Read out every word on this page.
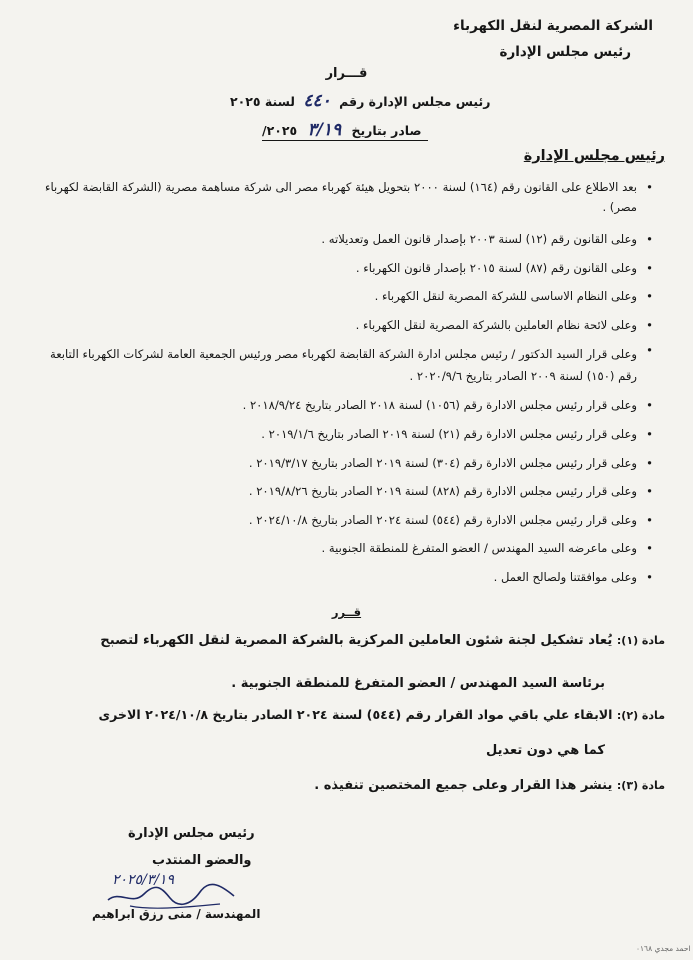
الشركة المصرية لنقل الكهرباء
رئيس مجلس الإدارة
قـــرار
رئيس مجلس الإدارة رقم ٤٤٠ لسنة ٢٠٢٥
صادر بتاريخ ٣/١٩ ٢٠٢٥/
رئيس مجلس الإدارة
•
بعد الاطلاع على القانون رقم (١٦٤) لسنة ٢٠٠٠ بتحويل هيئة كهرباء مصر الى شركة مساهمة مصرية (الشركة القابضة لكهرباء مصر) .
•
وعلى القانون رقم (١٢) لسنة ٢٠٠٣ بإصدار قانون العمل وتعديلاته .
•
وعلى القانون رقم (٨٧) لسنة ٢٠١٥ بإصدار قانون الكهرباء .
•
وعلى النظام الاساسى للشركة المصرية لنقل الكهرباء .
•
وعلى لائحة نظام العاملين بالشركة المصرية لنقل الكهرباء .
•
وعلى قرار السيد الدكتور / رئيس مجلس ادارة الشركة القابضة لكهرباء مصر ورئيس الجمعية العامة لشركات الكهرباء التابعة رقم (١٥٠) لسنة ٢٠٠٩ الصادر بتاريخ ٢٠٢٠/٩/٦ .
•
وعلى قرار رئيس مجلس الادارة رقم (١٠٥٦) لسنة ٢٠١٨ الصادر بتاريخ ٢٠١٨/٩/٢٤ .
•
وعلى قرار رئيس مجلس الادارة رقم (٢١) لسنة ٢٠١٩ الصادر بتاريخ ٢٠١٩/١/٦ .
•
وعلى قرار رئيس مجلس الادارة رقم (٣٠٤) لسنة ٢٠١٩ الصادر بتاريخ ٢٠١٩/٣/١٧ .
•
وعلى قرار رئيس مجلس الادارة رقم (٨٢٨) لسنة ٢٠١٩ الصادر بتاريخ ٢٠١٩/٨/٢٦ .
•
وعلى قرار رئيس مجلس الادارة رقم (٥٤٤) لسنة ٢٠٢٤ الصادر بتاريخ ٢٠٢٤/١٠/٨ .
•
وعلى ماعرضه السيد المهندس / العضو المتفرغ للمنطقة الجنوبية .
•
وعلى موافقتنا ولصالح العمل .
قــرر
مادة (١): يُعاد تشكيل لجنة شئون العاملين المركزية بالشركة المصرية لنقل الكهرباء لتصبح
برئاسة السيد المهندس / العضو المتفرغ للمنطقة الجنوبية .
مادة (٢): الابقاء علي باقي مواد القرار رقم (٥٤٤) لسنة ٢٠٢٤ الصادر بتاريخ ٢٠٢٤/١٠/٨ الاخرى
كما هي دون تعديل
مادة (٣): ينشر هذا القرار وعلى جميع المختصين تنفيذه .
رئيس مجلس الإدارة
والعضو المنتدب
٢٠٢٥/٣/١٩
المهندسة / منى رزق ابراهيم
احمد مجدي ٠١٦٨
